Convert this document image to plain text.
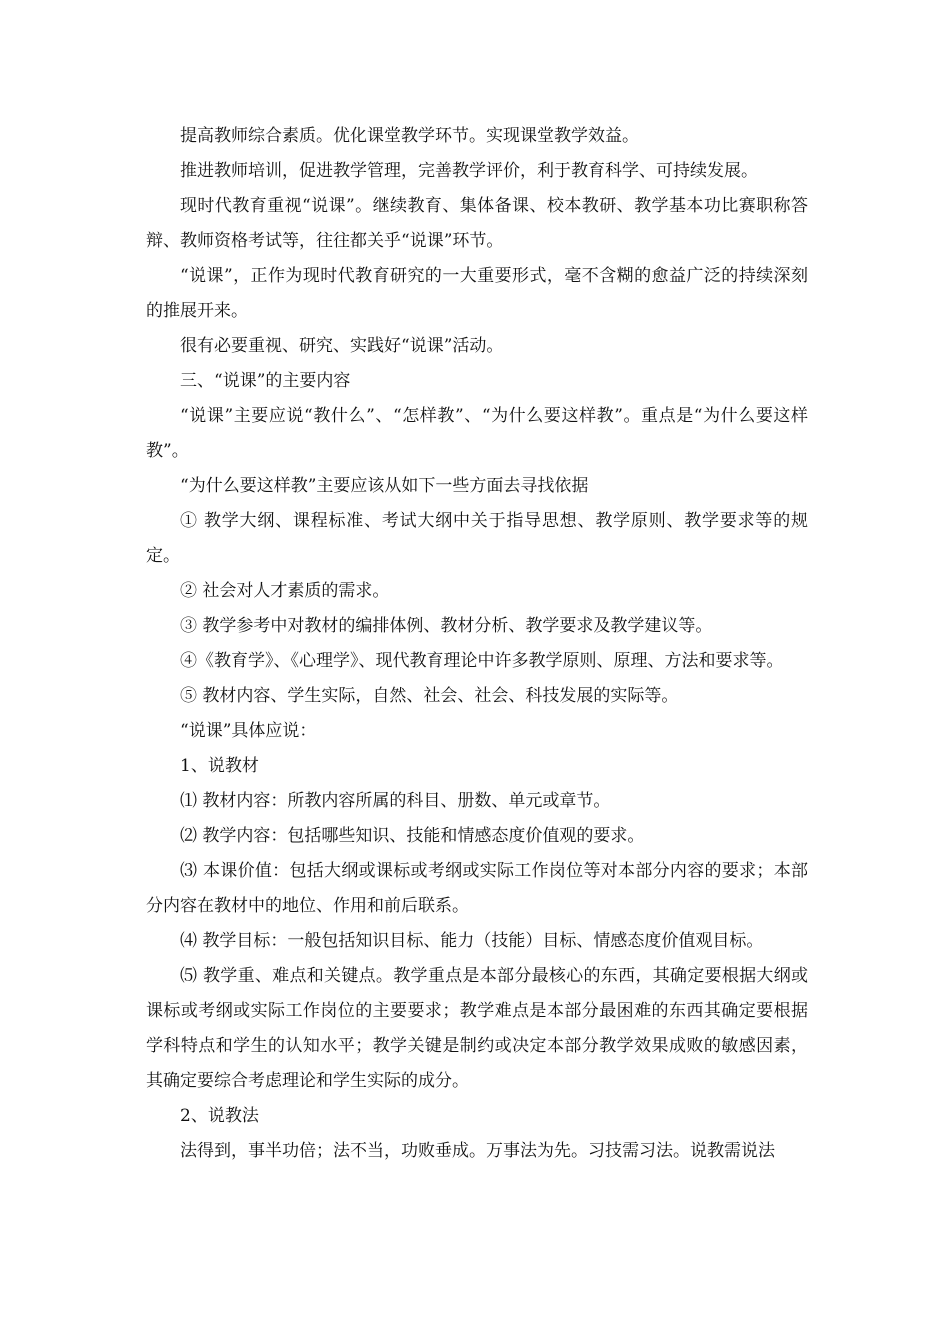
提高教师综合素质。优化课堂教学环节。实现课堂教学效益。

推进教师培训，促进教学管理，完善教学评价，利于教育科学、可持续发展。

现时代教育重视“说课”。继续教育、集体备课、校本教研、教学基本功比赛职称答辩、教师资格考试等，往往都关乎“说课”环节。

“说课”，正作为现时代教育研究的一大重要形式，毫不含糊的愈益广泛的持续深刻的推展开来。

很有必要重视、研究、实践好“说课”活动。

三、“说课”的主要内容

“说课”主要应说“教什么”、“怎样教”、“为什么要这样教”。重点是“为什么要这样教”。

“为什么要这样教”主要应该从如下一些方面去寻找依据

① 教学大纲、课程标准、考试大纲中关于指导思想、教学原则、教学要求等的规定。

② 社会对人才素质的需求。

③ 教学参考中对教材的编排体例、教材分析、教学要求及教学建议等。

④《教育学》、《心理学》、现代教育理论中许多教学原则、原理、方法和要求等。

⑤ 教材内容、学生实际，自然、社会、社会、科技发展的实际等。

“说课”具体应说：

1、说教材

⑴ 教材内容：所教内容所属的科目、册数、单元或章节。

⑵ 教学内容：包括哪些知识、技能和情感态度价值观的要求。

⑶ 本课价值：包括大纲或课标或考纲或实际工作岗位等对本部分内容的要求；本部分内容在教材中的地位、作用和前后联系。

⑷ 教学目标：一般包括知识目标、能力（技能）目标、情感态度价值观目标。

⑸ 教学重、难点和关键点。教学重点是本部分最核心的东西，其确定要根据大纲或课标或考纲或实际工作岗位的主要要求；教学难点是本部分最困难的东西其确定要根据学科特点和学生的认知水平；教学关键是制约或决定本部分教学效果成败的敏感因素，其确定要综合考虑理论和学生实际的成分。

2、说教法

法得到，事半功倍；法不当，功败垂成。万事法为先。习技需习法。说教需说法
